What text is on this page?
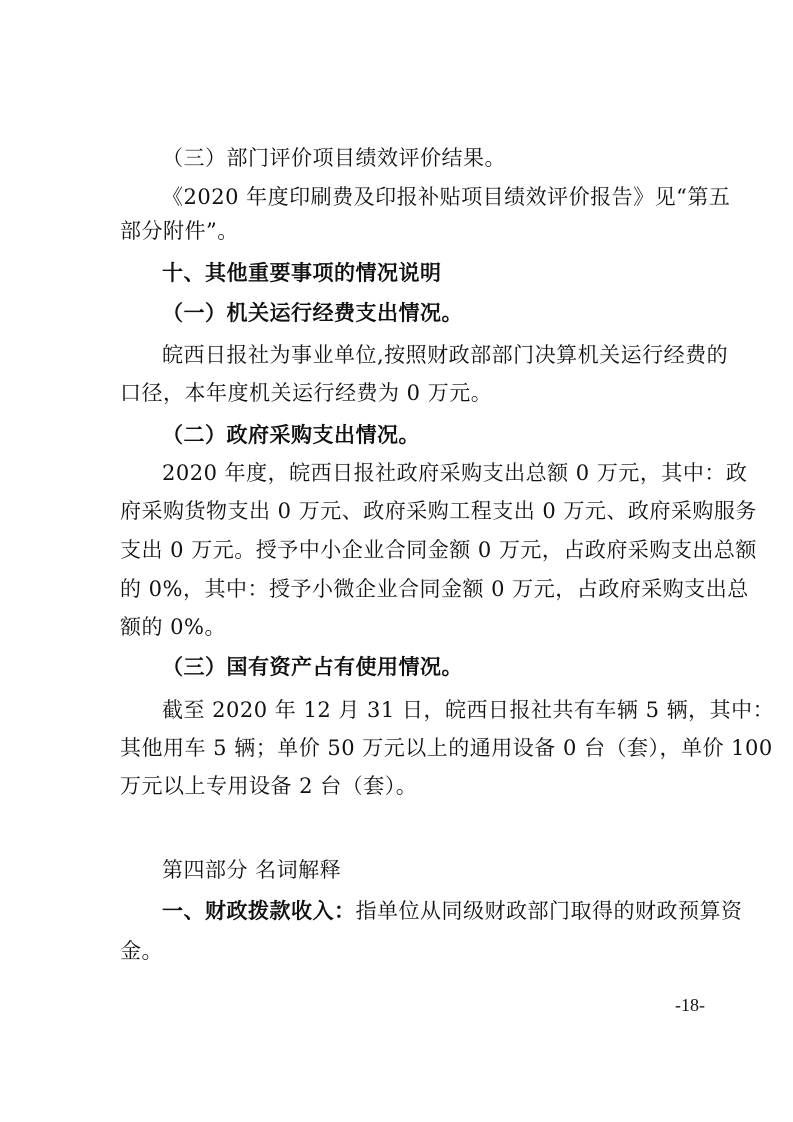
（三）部门评价项目绩效评价结果。
《2020 年度印刷费及印报补贴项目绩效评价报告》见“第五
部分附件”。
十、其他重要事项的情况说明
（一）机关运行经费支出情况。
皖西日报社为事业单位,按照财政部部门决算机关运行经费的
口径，本年度机关运行经费为 0 万元。
（二）政府采购支出情况。
2020 年度，皖西日报社政府采购支出总额 0 万元，其中：政
府采购货物支出 0 万元、政府采购工程支出 0 万元、政府采购服务
支出 0 万元。授予中小企业合同金额 0 万元，占政府采购支出总额
的 0%，其中：授予小微企业合同金额 0 万元，占政府采购支出总
额的 0%。
（三）国有资产占有使用情况。
截至 2020 年 12 月 31 日，皖西日报社共有车辆 5 辆，其中：
其他用车 5 辆；单价 50 万元以上的通用设备 0 台（套），单价 100
万元以上专用设备 2 台（套）。
第四部分 名词解释
一、财政拨款收入：指单位从同级财政部门取得的财政预算资
金。
-18-
